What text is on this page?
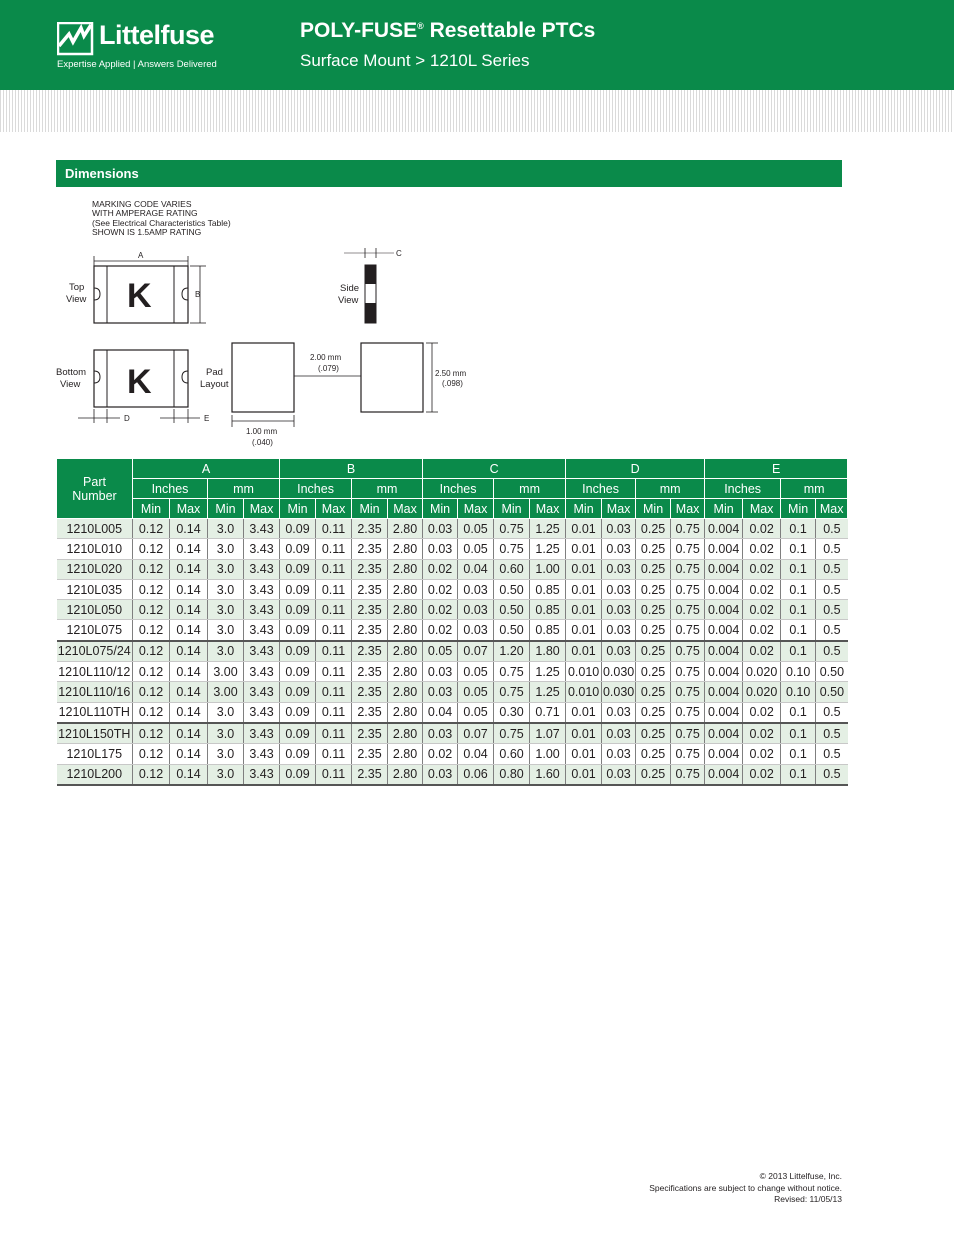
Littelfuse
Expertise Applied | Answers Delivered
POLY-FUSE® Resettable PTCs
Surface Mount > 1210L Series
Dimensions
MARKING CODE VARIES
WITH AMPERAGE RATING
(See Electrical Characteristics Table)
SHOWN IS 1.5AMP RATING
A
K	B
Top
View
C
Side
View
K
D	E
Bottom
View
Pad
Layout
2.00 mm
(.079)
2.50 mm
(.098)
1.00 mm
(.040)
Part
Number	A				B				C				D				E			
	Inches		mm		Inches		mm		Inches		mm		Inches		mm		Inches		mm	
	Min	Max	Min	Max	Min	Max	Min	Max	Min	Max	Min	Max	Min	Max	Min	Max	Min	Max	Min	Max
1210L005	0.12	0.14	3.0	3.43	0.09	0.11	2.35	2.80	0.03	0.05	0.75	1.25	0.01	0.03	0.25	0.75	0.004	0.02	0.1	0.5
1210L010	0.12	0.14	3.0	3.43	0.09	0.11	2.35	2.80	0.03	0.05	0.75	1.25	0.01	0.03	0.25	0.75	0.004	0.02	0.1	0.5
1210L020	0.12	0.14	3.0	3.43	0.09	0.11	2.35	2.80	0.02	0.04	0.60	1.00	0.01	0.03	0.25	0.75	0.004	0.02	0.1	0.5
1210L035	0.12	0.14	3.0	3.43	0.09	0.11	2.35	2.80	0.02	0.03	0.50	0.85	0.01	0.03	0.25	0.75	0.004	0.02	0.1	0.5
1210L050	0.12	0.14	3.0	3.43	0.09	0.11	2.35	2.80	0.02	0.03	0.50	0.85	0.01	0.03	0.25	0.75	0.004	0.02	0.1	0.5
1210L075	0.12	0.14	3.0	3.43	0.09	0.11	2.35	2.80	0.02	0.03	0.50	0.85	0.01	0.03	0.25	0.75	0.004	0.02	0.1	0.5
1210L075/24	0.12	0.14	3.0	3.43	0.09	0.11	2.35	2.80	0.05	0.07	1.20	1.80	0.01	0.03	0.25	0.75	0.004	0.02	0.1	0.5
1210L110/12	0.12	0.14	3.00	3.43	0.09	0.11	2.35	2.80	0.03	0.05	0.75	1.25	0.010	0.030	0.25	0.75	0.004	0.020	0.10	0.50
1210L110/16	0.12	0.14	3.00	3.43	0.09	0.11	2.35	2.80	0.03	0.05	0.75	1.25	0.010	0.030	0.25	0.75	0.004	0.020	0.10	0.50
1210L110TH	0.12	0.14	3.0	3.43	0.09	0.11	2.35	2.80	0.04	0.05	0.30	0.71	0.01	0.03	0.25	0.75	0.004	0.02	0.1	0.5
1210L150TH	0.12	0.14	3.0	3.43	0.09	0.11	2.35	2.80	0.03	0.07	0.75	1.07	0.01	0.03	0.25	0.75	0.004	0.02	0.1	0.5
1210L175	0.12	0.14	3.0	3.43	0.09	0.11	2.35	2.80	0.02	0.04	0.60	1.00	0.01	0.03	0.25	0.75	0.004	0.02	0.1	0.5
1210L200	0.12	0.14	3.0	3.43	0.09	0.11	2.35	2.80	0.03	0.06	0.80	1.60	0.01	0.03	0.25	0.75	0.004	0.02	0.1	0.5
© 2013 Littelfuse, Inc.
Specifications are subject to change without notice.
Revised: 11/05/13
